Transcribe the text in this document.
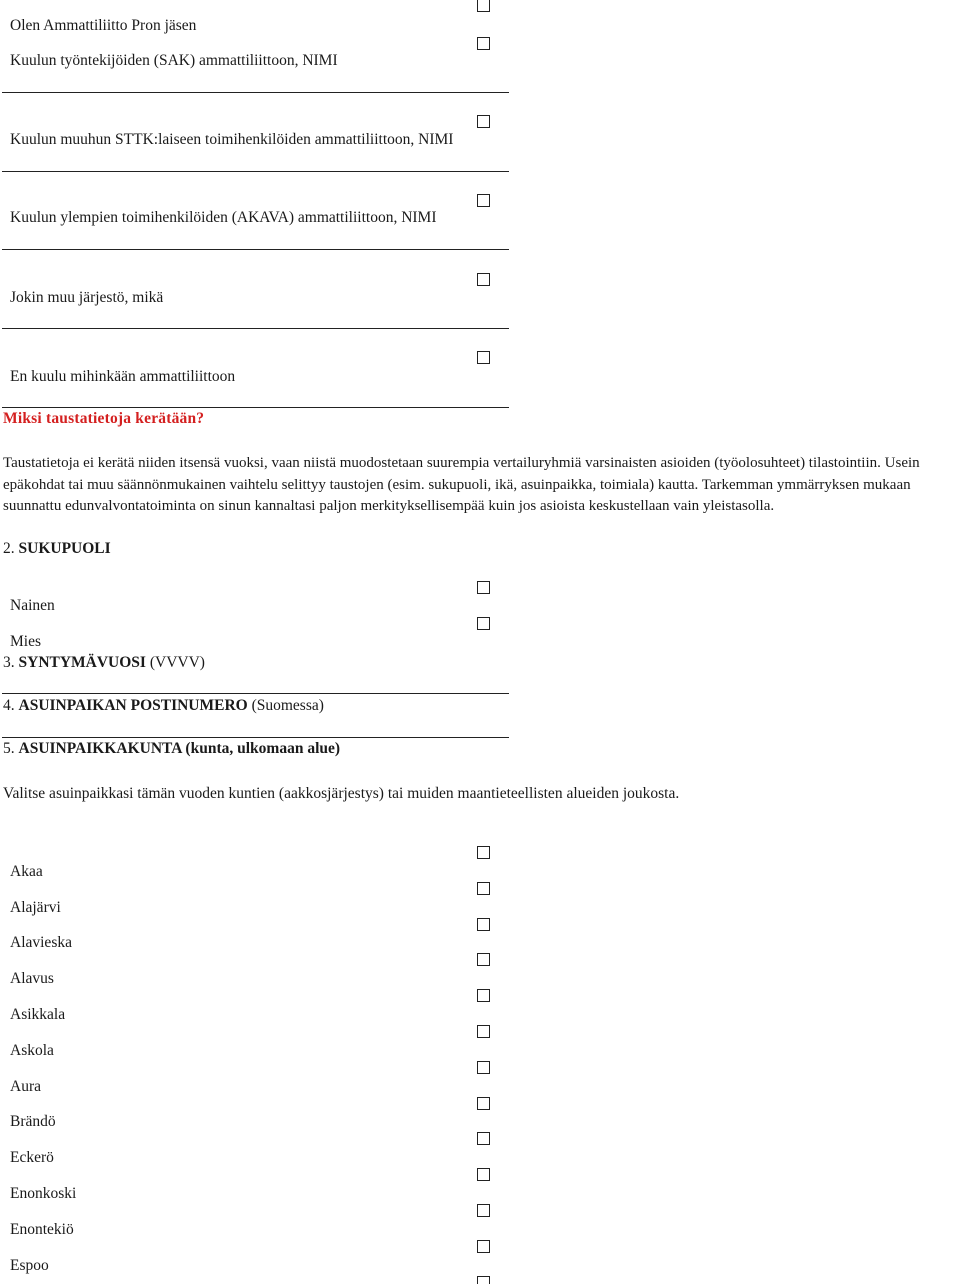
Olen Ammattiliitto Pron jäsen
Kuulun työntekijöiden (SAK) ammattiliittoon, NIMI
Kuulun muuhun STTK:laiseen toimihenkilöiden ammattiliittoon, NIMI
Kuulun ylempien toimihenkilöiden (AKAVA) ammattiliittoon, NIMI
Jokin muu järjestö, mikä
En kuulu mihinkään ammattiliittoon
Miksi taustatietoja kerätään?
Taustatietoja ei kerätä niiden itsensä vuoksi, vaan niistä muodostetaan suurempia vertailuryhmiä varsinaisten asioiden (työolosuhteet) tilastointiin. Usein epäkohdat tai muu säännönmukainen vaihtelu selittyy taustojen (esim. sukupuoli, ikä, asuinpaikka, toimiala) kautta. Tarkemman ymmärryksen mukaan suunnattu edunvalvontatoiminta on sinun kannaltasi paljon merkityksellisempää kuin jos asioista keskustellaan vain yleistasolla.
2. SUKUPUOLI
Nainen
Mies
3. SYNTYMÄVUOSI (VVVV)
4. ASUINPAIKAN POSTINUMERO (Suomessa)
5. ASUINPAIKKAKUNTA (kunta, ulkomaan alue)
Valitse asuinpaikkasi tämän vuoden kuntien (aakkosjärjestys) tai muiden maantieteellisten alueiden joukosta.
Akaa
Alajärvi
Alavieska
Alavus
Asikkala
Askola
Aura
Brändö
Eckerö
Enonkoski
Enontekiö
Espoo
